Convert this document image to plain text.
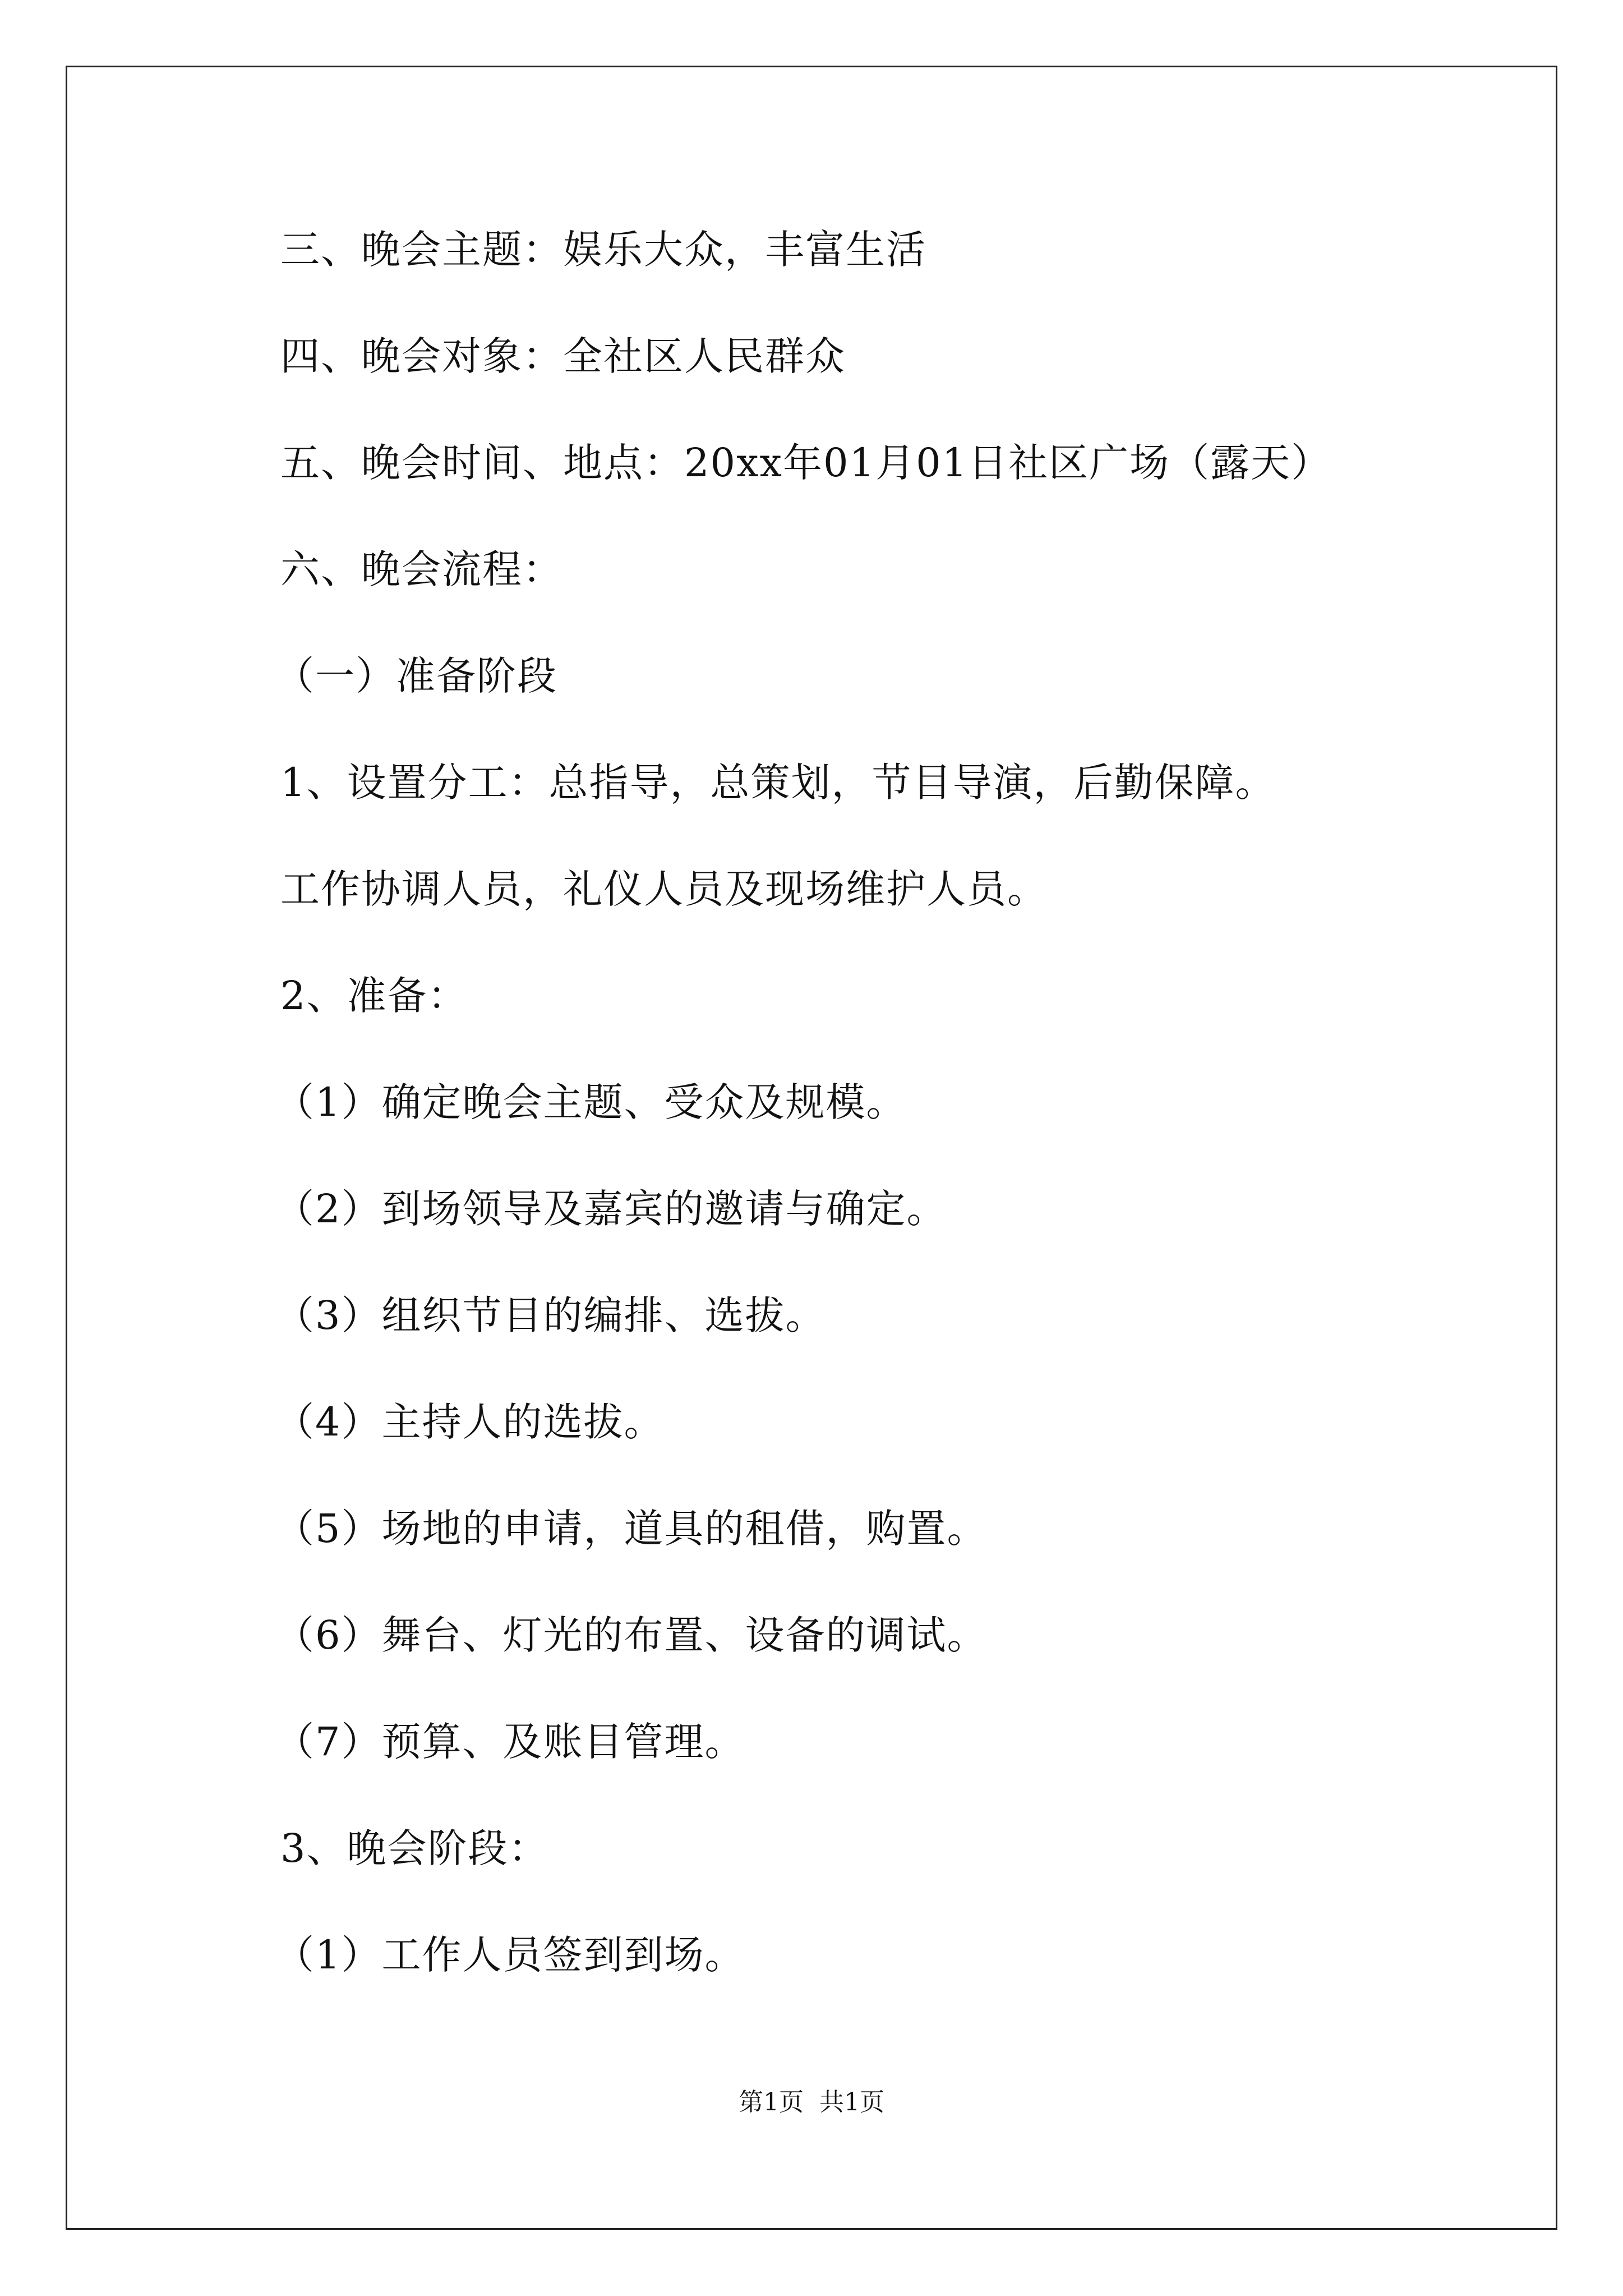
三、晚会主题：娱乐大众，丰富生活
四、晚会对象：全社区人民群众
五、晚会时间、地点：20xx年01月01日社区广场（露天）
六、晚会流程：
（一）准备阶段
1、设置分工：总指导，总策划，节目导演，后勤保障。
工作协调人员，礼仪人员及现场维护人员。
2、准备：
（1）确定晚会主题、受众及规模。
（2）到场领导及嘉宾的邀请与确定。
（3）组织节目的编排、选拔。
（4）主持人的选拔。
（5）场地的申请，道具的租借，购置。
（6）舞台、灯光的布置、设备的调试。
（7）预算、及账目管理。
3、晚会阶段：
（1）工作人员签到到场。
第1页  共1页
